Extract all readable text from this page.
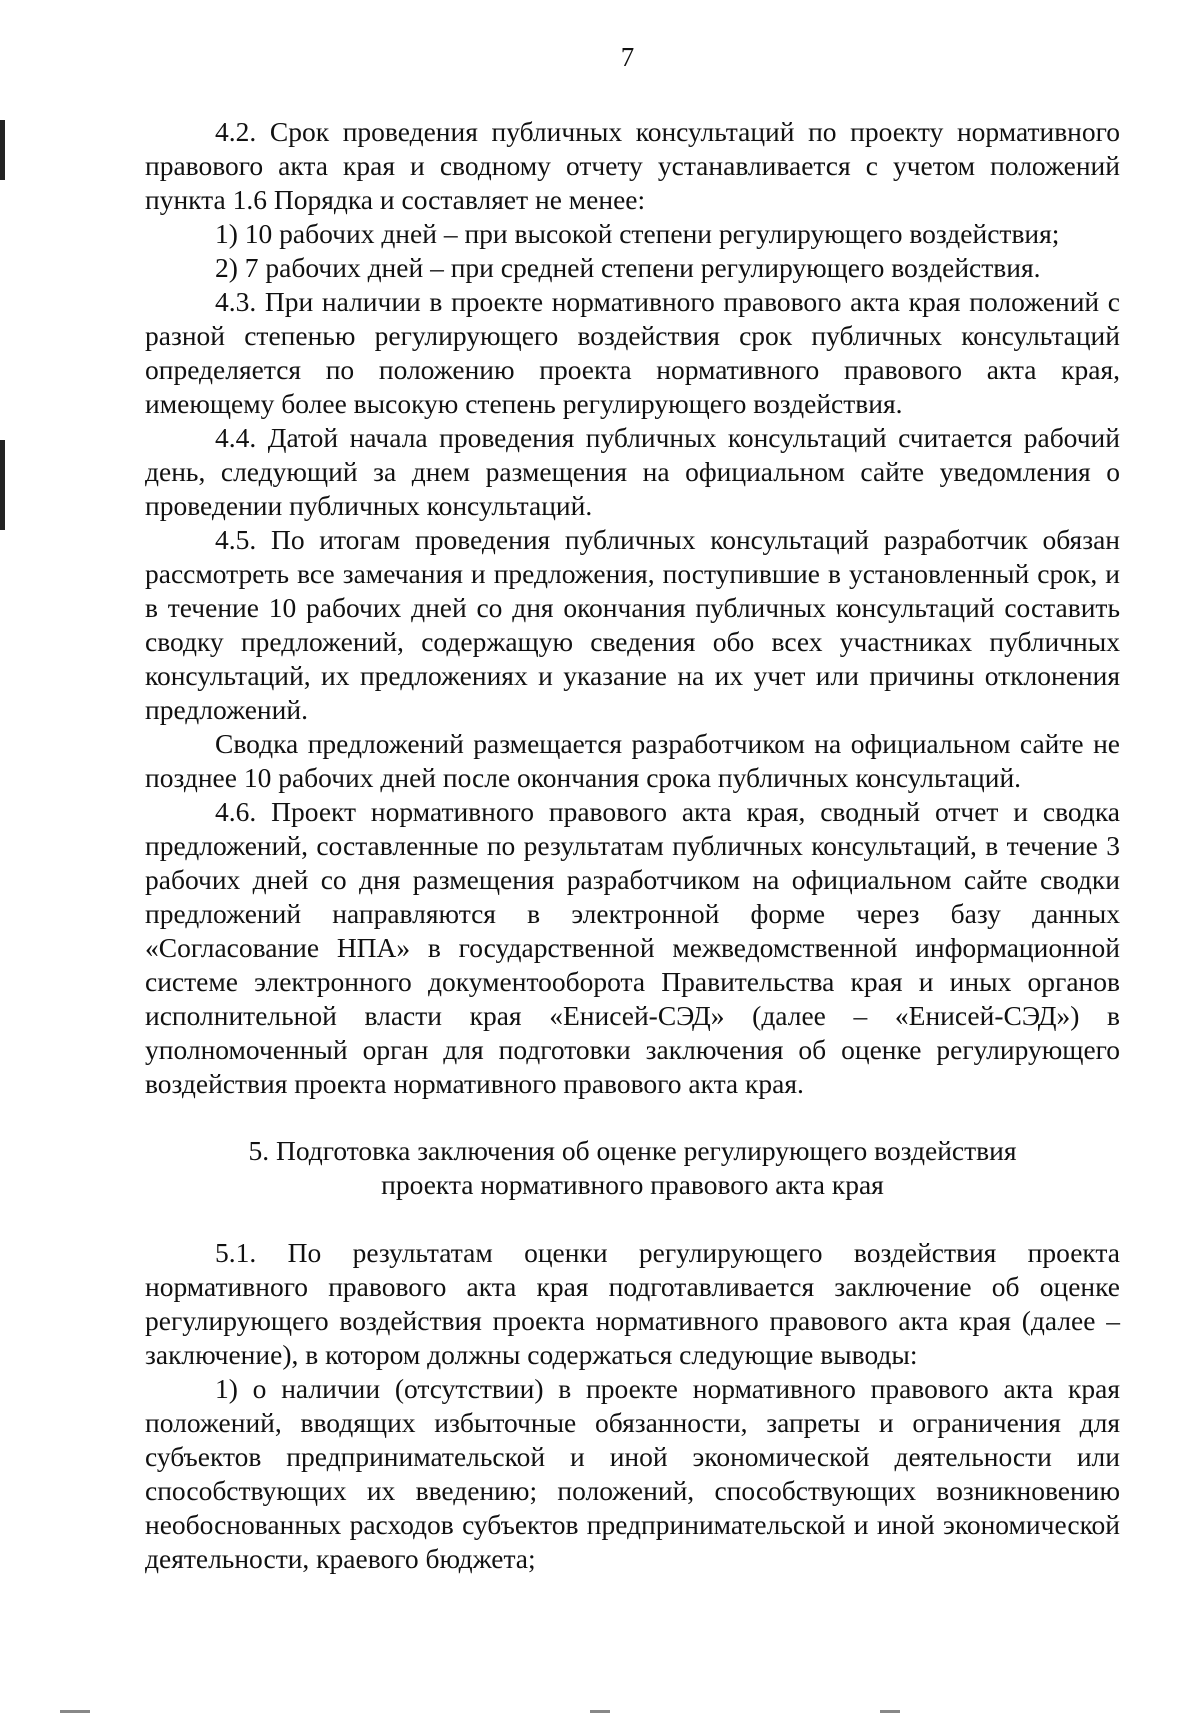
7

4.2. Срок проведения публичных консультаций по проекту нормативного правового акта края и сводному отчету устанавливается с учетом положений пункта 1.6 Порядка и составляет не менее:

1) 10 рабочих дней – при высокой степени регулирующего воздействия;

2) 7 рабочих дней – при средней степени регулирующего воздействия.

4.3. При наличии в проекте нормативного правового акта края положений с разной степенью регулирующего воздействия срок публичных консультаций определяется по положению проекта нормативного правового акта края, имеющему более высокую степень регулирующего воздействия.

4.4. Датой начала проведения публичных консультаций считается рабочий день, следующий за днем размещения на официальном сайте уведомления о проведении публичных консультаций.

4.5. По итогам проведения публичных консультаций разработчик обязан рассмотреть все замечания и предложения, поступившие в установленный срок, и в течение 10 рабочих дней со дня окончания публичных консультаций составить сводку предложений, содержащую сведения обо всех участниках публичных консультаций, их предложениях и указание на их учет или причины отклонения предложений.

Сводка предложений размещается разработчиком на официальном сайте не позднее 10 рабочих дней после окончания срока публичных консультаций.

4.6. Проект нормативного правового акта края, сводный отчет и сводка предложений, составленные по результатам публичных консультаций, в течение 3 рабочих дней со дня размещения разработчиком на официальном сайте сводки предложений направляются в электронной форме через базу данных «Согласование НПА» в государственной межведомственной информационной системе электронного документооборота Правительства края и иных органов исполнительной власти края «Енисей-СЭД» (далее – «Енисей-СЭД») в уполномоченный орган для подготовки заключения об оценке регулирующего воздействия проекта нормативного правового акта края.

5. Подготовка заключения об оценке регулирующего воздействия
проекта нормативного правового акта края

5.1. По результатам оценки регулирующего воздействия проекта нормативного правового акта края подготавливается заключение об оценке регулирующего воздействия проекта нормативного правового акта края (далее – заключение), в котором должны содержаться следующие выводы:

1) о наличии (отсутствии) в проекте нормативного правового акта края положений, вводящих избыточные обязанности, запреты и ограничения для субъектов предпринимательской и иной экономической деятельности или способствующих их введению; положений, способствующих возникновению необоснованных расходов субъектов предпринимательской и иной экономической деятельности, краевого бюджета;
